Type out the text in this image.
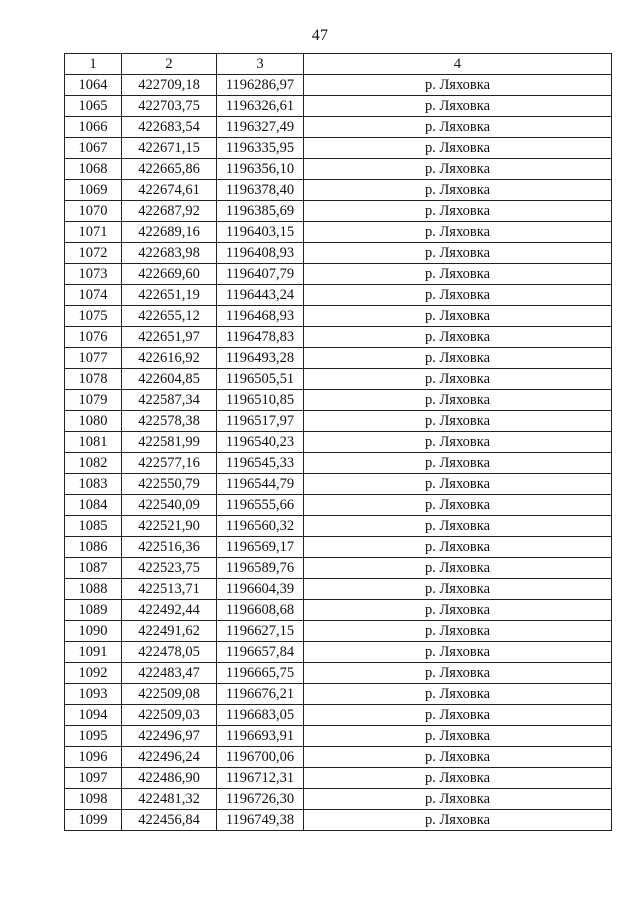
47
1	2	3	4
1064	422709,18	1196286,97	р. Ляховка
1065	422703,75	1196326,61	р. Ляховка
1066	422683,54	1196327,49	р. Ляховка
1067	422671,15	1196335,95	р. Ляховка
1068	422665,86	1196356,10	р. Ляховка
1069	422674,61	1196378,40	р. Ляховка
1070	422687,92	1196385,69	р. Ляховка
1071	422689,16	1196403,15	р. Ляховка
1072	422683,98	1196408,93	р. Ляховка
1073	422669,60	1196407,79	р. Ляховка
1074	422651,19	1196443,24	р. Ляховка
1075	422655,12	1196468,93	р. Ляховка
1076	422651,97	1196478,83	р. Ляховка
1077	422616,92	1196493,28	р. Ляховка
1078	422604,85	1196505,51	р. Ляховка
1079	422587,34	1196510,85	р. Ляховка
1080	422578,38	1196517,97	р. Ляховка
1081	422581,99	1196540,23	р. Ляховка
1082	422577,16	1196545,33	р. Ляховка
1083	422550,79	1196544,79	р. Ляховка
1084	422540,09	1196555,66	р. Ляховка
1085	422521,90	1196560,32	р. Ляховка
1086	422516,36	1196569,17	р. Ляховка
1087	422523,75	1196589,76	р. Ляховка
1088	422513,71	1196604,39	р. Ляховка
1089	422492,44	1196608,68	р. Ляховка
1090	422491,62	1196627,15	р. Ляховка
1091	422478,05	1196657,84	р. Ляховка
1092	422483,47	1196665,75	р. Ляховка
1093	422509,08	1196676,21	р. Ляховка
1094	422509,03	1196683,05	р. Ляховка
1095	422496,97	1196693,91	р. Ляховка
1096	422496,24	1196700,06	р. Ляховка
1097	422486,90	1196712,31	р. Ляховка
1098	422481,32	1196726,30	р. Ляховка
1099	422456,84	1196749,38	р. Ляховка
